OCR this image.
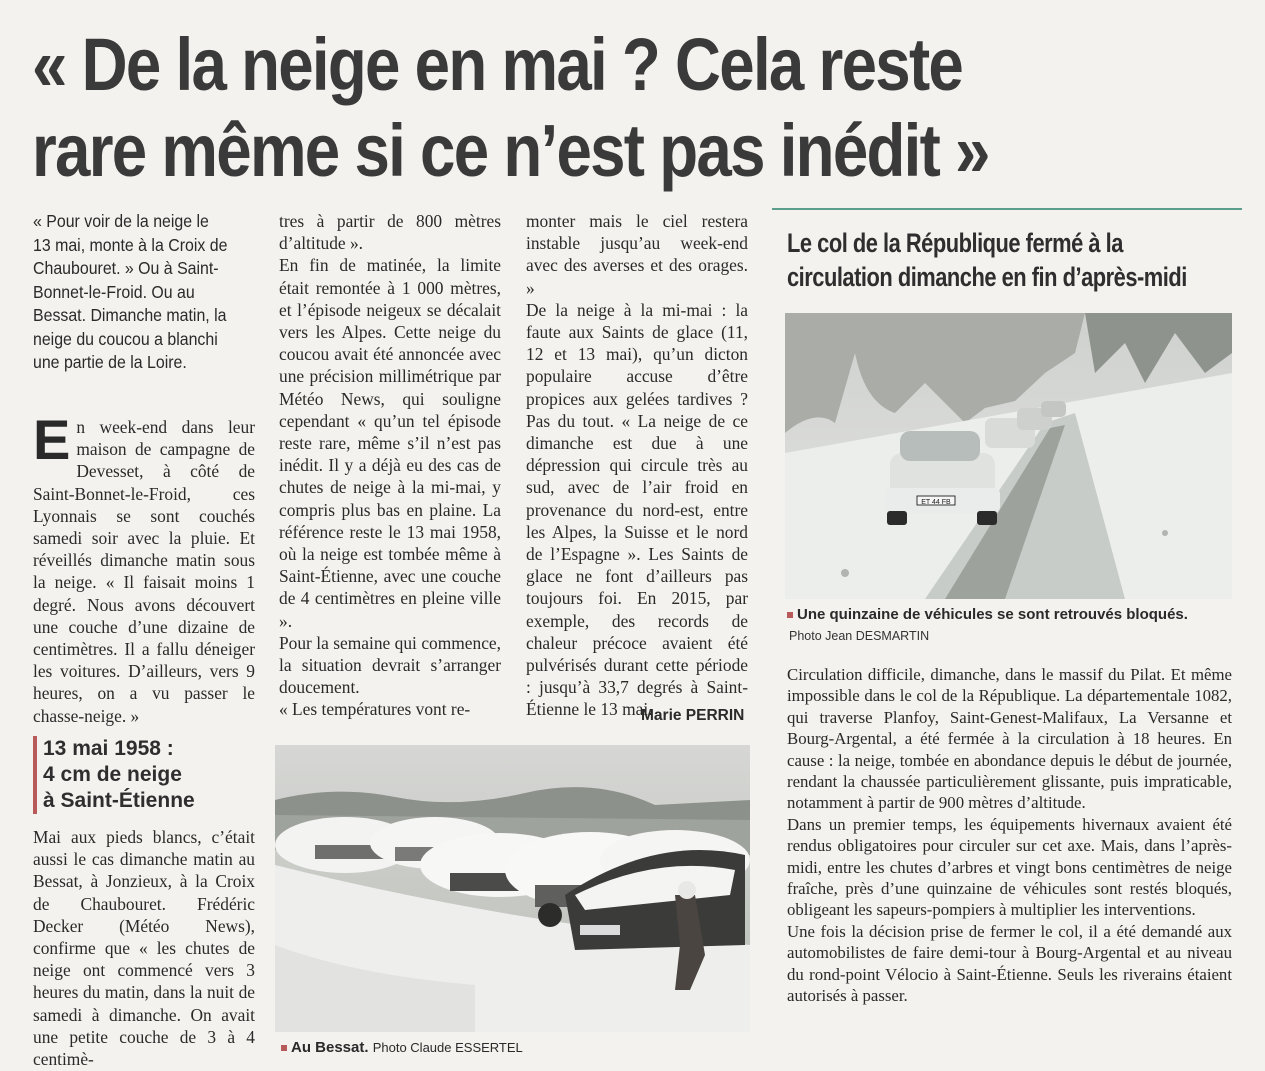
« De la neige en mai ? Cela reste
rare même si ce n’est pas inédit »
« Pour voir de la neige le 13 mai, monte à la Croix de Chaubouret. » Ou à Saint-Bonnet-le-Froid. Ou au Bessat. Dimanche matin, la neige du coucou a blanchi une partie de la Loire.

En week-end dans leur maison de campagne de Devesset, à côté de Saint-Bonnet-le-Froid, ces Lyonnais se sont couchés samedi soir avec la pluie. Et réveillés dimanche matin sous la neige. « Il faisait moins 1 degré. Nous avons découvert une couche d’une dizaine de centimètres. Il a fallu déneiger les voitures. D’ailleurs, vers 9 heures, on a vu passer le chasse-neige. »

13 mai 1958 :
4 cm de neige
à Saint-Étienne

Mai aux pieds blancs, c’était aussi le cas dimanche matin au Bessat, à Jonzieux, à la Croix de Chaubouret. Frédéric Decker (Météo News), confirme que « les chutes de neige ont commencé vers 3 heures du matin, dans la nuit de samedi à dimanche. On avait une petite couche de 3 à 4 centimè-

tres à partir de 800 mètres d’altitude ».

En fin de matinée, la limite était remontée à 1 000 mètres, et l’épisode neigeux se décalait vers les Alpes. Cette neige du coucou avait été annoncée avec une précision millimétrique par Météo News, qui souligne cependant « qu’un tel épisode reste rare, même s’il n’est pas inédit. Il y a déjà eu des cas de chutes de neige à la mi-mai, y compris plus bas en plaine. La référence reste le 13 mai 1958, où la neige est tombée même à Saint-Étienne, avec une couche de 4 centimètres en pleine ville ».

Pour la semaine qui commence, la situation devrait s’arranger doucement.

« Les températures vont re-

monter mais le ciel restera instable jusqu’au week-end avec des averses et des orages. »

De la neige à la mi-mai : la faute aux Saints de glace (11, 12 et 13 mai), qu’un dicton populaire accuse d’être propices aux gelées tardives ? Pas du tout. « La neige de ce dimanche est due à une dépression qui circule très au sud, avec de l’air froid en provenance du nord-est, entre les Alpes, la Suisse et le nord de l’Espagne ». Les Saints de glace ne font d’ailleurs pas toujours foi. En 2015, par exemple, des records de chaleur précoce avaient été pulvérisés durant cette période : jusqu’à 33,7 degrés à Saint-Étienne le 13 mai.

Marie PERRIN
Au Bessat. Photo Claude ESSERTEL
Le col de la République fermé à la
circulation dimanche en fin d’après-midi
ET 44 FB
Une quinzaine de véhicules se sont retrouvés bloqués.
Photo Jean DESMARTIN

Circulation difficile, dimanche, dans le massif du Pilat. Et même impossible dans le col de la République. La départementale 1082, qui traverse Planfoy, Saint-Genest-Malifaux, La Versanne et Bourg-Argental, a été fermée à la circulation à 18 heures. En cause : la neige, tombée en abondance depuis le début de journée, rendant la chaussée particulièrement glissante, puis impraticable, notamment à partir de 900 mètres d’altitude.

Dans un premier temps, les équipements hivernaux avaient été rendus obligatoires pour circuler sur cet axe. Mais, dans l’après-midi, entre les chutes d’arbres et vingt bons centimètres de neige fraîche, près d’une quinzaine de véhicules sont restés bloqués, obligeant les sapeurs-pompiers à multiplier les interventions.

Une fois la décision prise de fermer le col, il a été demandé aux automobilistes de faire demi-tour à Bourg-Argental et au niveau du rond-point Vélocio à Saint-Étienne. Seuls les riverains étaient autorisés à passer.
